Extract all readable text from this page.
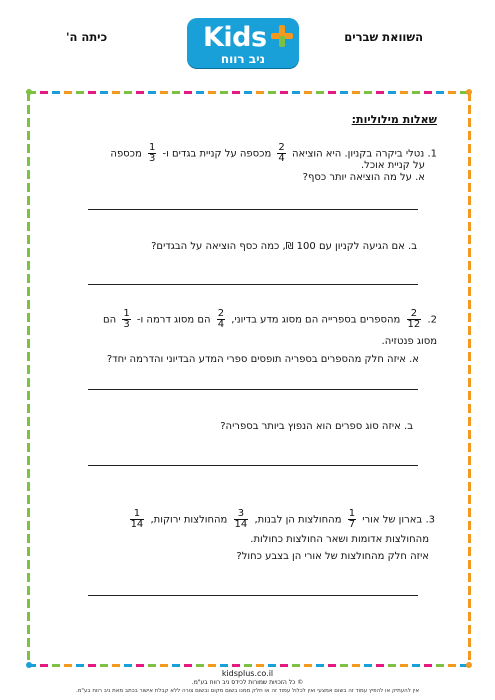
השוואת שברים
כיתה ה'	Kids
ניב רווח
שאלות מילוליות:
1. נטלי ביקרה בקניון. היא הוציאה
$\frac{2}{4}$
מכספה על קניית בגדים ו-
$\frac{1}{3}$
מכספה
על קניית אוכל.
א. על מה הוציאה יותר כסף?
ב. אם הגיעה לקניון עם 100 ₪, כמה כסף הוציאה על הבגדים?
2.
$\frac{2}{12}$
מהספרים בספרייה הם מסוג מדע בדיוני,
$\frac{2}{4}$
הם מסוג דרמה ו-
$\frac{1}{3}$
הם
מסוג פנטזיה.
א. איזה חלק מהספרים בספריה תופסים ספרי המדע הבדיוני והדרמה יחד?
ב. איזה סוג ספרים הוא הנפוץ ביותר בספריה?
3. בארון של אורי
$\frac{1}{7}$
מהחולצות הן לבנות,
$\frac{3}{14}$
מהחולצות ירוקות,
$\frac{1}{14}$
מהחולצות אדומות ושאר החולצות כחולות.
איזה חלק מהחולצות של אורי הן בצבע כחול?
kidsplus.co.il
© כל הזכויות שמורות לכידס ניב רווח בע"מ.
אין להעתיק או להפיץ עמוד זה בשום אמצעי ואין לכלול עמוד זה או חלק ממנו בשום מקום ובשום צורה ללא קבלת אישור בכתב מאת ניב רווח בע"מ.
